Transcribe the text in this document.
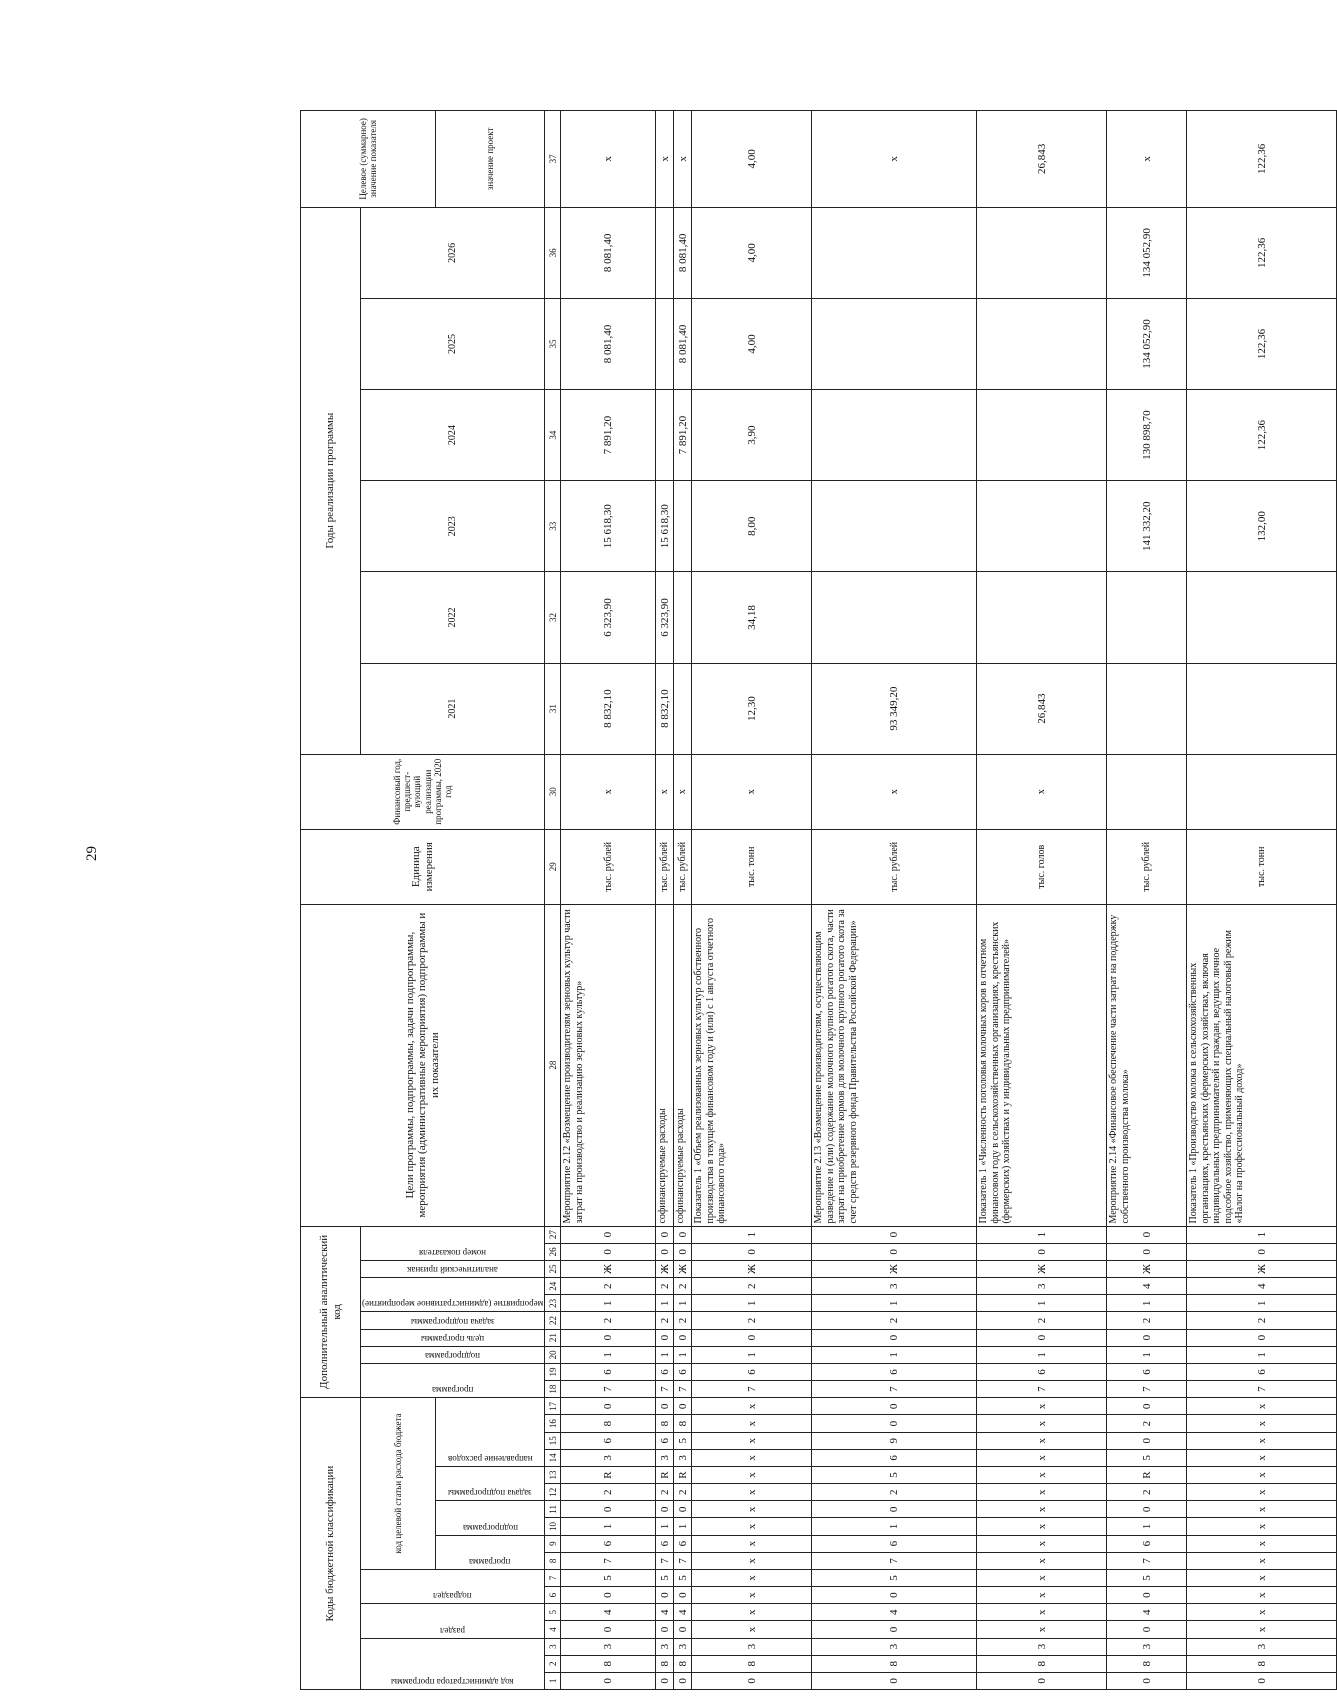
29
Коды бюджетной классификации																	Дополнительный аналитический код										Цели программы, подпрограммы, задачи подпрограммы, мероприятия (административные мероприятия) подпрограммы и их показатели	Единица измерения	Финансовый год, предшест-вующий реализации программы, 2020 год	Годы реализации программы						Целевое (суммарное) значение показателя

код администратора программы			раздел		подраздел		код целевой статьи расхода бюджета										программа		подпрограмма	цель программы	задача подпрограммы	мероприятие (административное мероприятие)		аналитический признак	номер показателя					2021	2022	2023	2024	2025	2026	

							программа		подпрограмма		задача подпрограммы		направление расходов																							значение проект
1	2	3	4	5	6	7	8	9	10	11	12	13	14	15	16	17	18	19	20	21	22	23	24	25	26	27	28	29	30	31	32	33	34	35	36	37
0	8	3	0	4	0	5	7	6	1	0	2	R	3	6	8	0	7	6	1	0	2	1	2	Ж	0	0	Мероприятие 2.12 «Возмещение производителям зерновых культур части затрат на производство и реализацию зерновых культур»	тыс. рублей	x	8 832,10	6 323,90	15 618,30	7 891,20	8 081,40	8 081,40	x
0	8	3	0	4	0	5	7	6	1	0	2	R	3	6	8	0	7	6	1	0	2	1	2	Ж	0	0	софинансируемые расходы	тыс. рублей	x	8 832,10	6 323,90	15 618,30				x
0	8	3	0	4	0	5	7	6	1	0	2	R	3	5	8	0	7	6	1	0	2	1	2	Ж	0	0	софинансируемые расходы	тыс. рублей	x				7 891,20	8 081,40	8 081,40	x
0	8	3	x	x	x	x	x	x	x	x	x	x	x	x	x	x	7	6	1	0	2	1	2	Ж	0	1	Показатель 1 «Объем реализованных зерновых культур собственного производства в текущем финансовом году и (или) с 1 августа отчетного финансового года»	тыс. тонн	x	12,30	34,18	8,00	3,90	4,00	4,00	4,00
0	8	3	0	4	0	5	7	6	1	0	2	5	6	9	0	0	7	6	1	0	2	1	3	Ж	0	0	Мероприятие 2.13 «Возмещение производителям, осуществляющим разведение и (или) содержание молочного крупного рогатого скота, части затрат на приобретение кормов для молочного крупного рогатого скота за счет средств резервного фонда Правительства Российской Федерации»	тыс. рублей	x	93 349,20						x
0	8	3	x	x	x	x	x	x	x	x	x	x	x	x	x	x	7	6	1	0	2	1	3	Ж	0	1	Показатель 1 «Численность поголовья молочных коров в отчетном финансовом году в сельскохозяйственных организациях, крестьянских (фермерских) хозяйствах и у индивидуальных предпринимателей»	тыс. голов	x	26,843						26,843
0	8	3	0	4	0	5	7	6	1	0	2	R	5	0	2	0	7	6	1	0	2	1	4	Ж	0	0	Мероприятие 2.14 «Финансовое обеспечение части затрат на поддержку собственного производства молока»	тыс. рублей				141 332,20	130 898,70	134 052,90	134 052,90	x
0	8	3	x	x	x	x	x	x	x	x	x	x	x	x	x	x	7	6	1	0	2	1	4	Ж	0	1	Показатель 1 «Производство молока в сельскохозяйственных организациях, крестьянских (фермерских) хозяйствах, включая индивидуальных предпринимателей и граждан, ведущих личное подсобное хозяйство, применяющих специальный налоговый режим «Налог на профессиональный доход»	тыс. тонн				132,00	122,36	122,36	122,36	122,36
